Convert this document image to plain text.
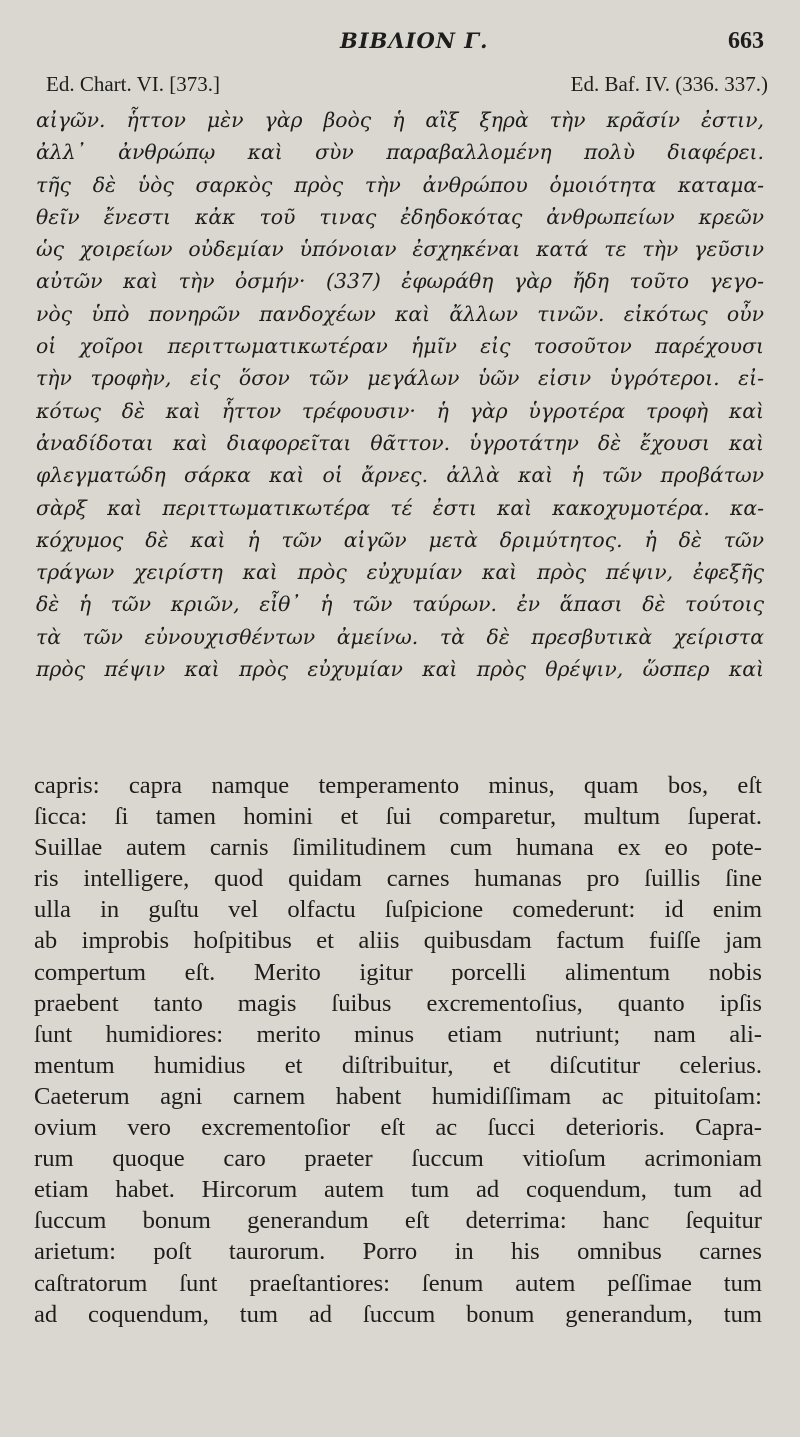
BIBΛΙΟΝ Γ.	663
Ed. Chart. VI. [373.]	Ed. Baf. IV. (336. 337.)
αἰγῶν. ἧττον μὲν γὰρ βοὸς ἡ αἲξ ξηρὰ τὴν κρᾶσίν ἐστιν,
ἀλλ᾽ ἀνθρώπῳ καὶ σὺν παραβαλλομένη πολὺ διαφέρει.
τῆς δὲ ὑὸς σαρκὸς πρὸς τὴν ἀνθρώπου ὁμοιότητα καταμα-
θεῖν ἔνεστι κἀκ τοῦ τινας ἐδηδοκότας ἀνθρωπείων κρεῶν
ὡς χοιρείων οὐδεμίαν ὑπόνοιαν ἐσχηκέναι κατά τε τὴν γεῦσιν
αὐτῶν καὶ τὴν ὀσμήν· (337) ἐφωράθη γὰρ ἤδη τοῦτο γεγο-
νὸς ὑπὸ πονηρῶν πανδοχέων καὶ ἄλλων τινῶν. εἰκότως οὖν
οἱ χοῖροι περιττωματικωτέραν ἡμῖν εἰς τοσοῦτον παρέχουσι
τὴν τροφὴν, εἰς ὅσον τῶν μεγάλων ὑῶν εἰσιν ὑγρότεροι. εἰ-
κότως δὲ καὶ ἧττον τρέφουσιν· ἡ γὰρ ὑγροτέρα τροφὴ καὶ
ἀναδίδοται καὶ διαφορεῖται θᾶττον. ὑγροτάτην δὲ ἔχουσι καὶ
φλεγματώδη σάρκα καὶ οἱ ἄρνες. ἀλλὰ καὶ ἡ τῶν προβάτων
σὰρξ καὶ περιττωματικωτέρα τέ ἐστι καὶ κακοχυμοτέρα. κα-
κόχυμος δὲ καὶ ἡ τῶν αἰγῶν μετὰ δριμύτητος. ἡ δὲ τῶν
τράγων χειρίστη καὶ πρὸς εὐχυμίαν καὶ πρὸς πέψιν, ἐφεξῆς
δὲ ἡ τῶν κριῶν, εἶθ᾽ ἡ τῶν ταύρων. ἐν ἅπασι δὲ τούτοις
τὰ τῶν εὐνουχισθέντων ἀμείνω. τὰ δὲ πρεσβυτικὰ χείριστα
πρὸς πέψιν καὶ πρὸς εὐχυμίαν καὶ πρὸς θρέψιν, ὥσπερ καὶ
capris: capra namque temperamento minus, quam bos, eſt
ſicca: ſi tamen homini et ſui comparetur, multum ſuperat.
Suillae autem carnis ſimilitudinem cum humana ex eo pote-
ris intelligere, quod quidam carnes humanas pro ſuillis ſine
ulla in guſtu vel olfactu ſuſpicione comederunt: id enim
ab improbis hoſpitibus et aliis quibusdam factum fuiſſe jam
compertum eſt. Merito igitur porcelli alimentum nobis
praebent tanto magis ſuibus excrementoſius, quanto ipſis
ſunt humidiores: merito minus etiam nutriunt; nam ali-
mentum humidius et diſtribuitur, et diſcutitur celerius.
Caeterum agni carnem habent humidiſſimam ac pituitoſam:
ovium vero excrementoſior eſt ac ſucci deterioris. Capra-
rum quoque caro praeter ſuccum vitioſum acrimoniam
etiam habet. Hircorum autem tum ad coquendum, tum ad
ſuccum bonum generandum eſt deterrima: hanc ſequitur
arietum: poſt taurorum. Porro in his omnibus carnes
caſtratorum ſunt praeſtantiores: ſenum autem peſſimae tum
ad coquendum, tum ad ſuccum bonum generandum, tum
